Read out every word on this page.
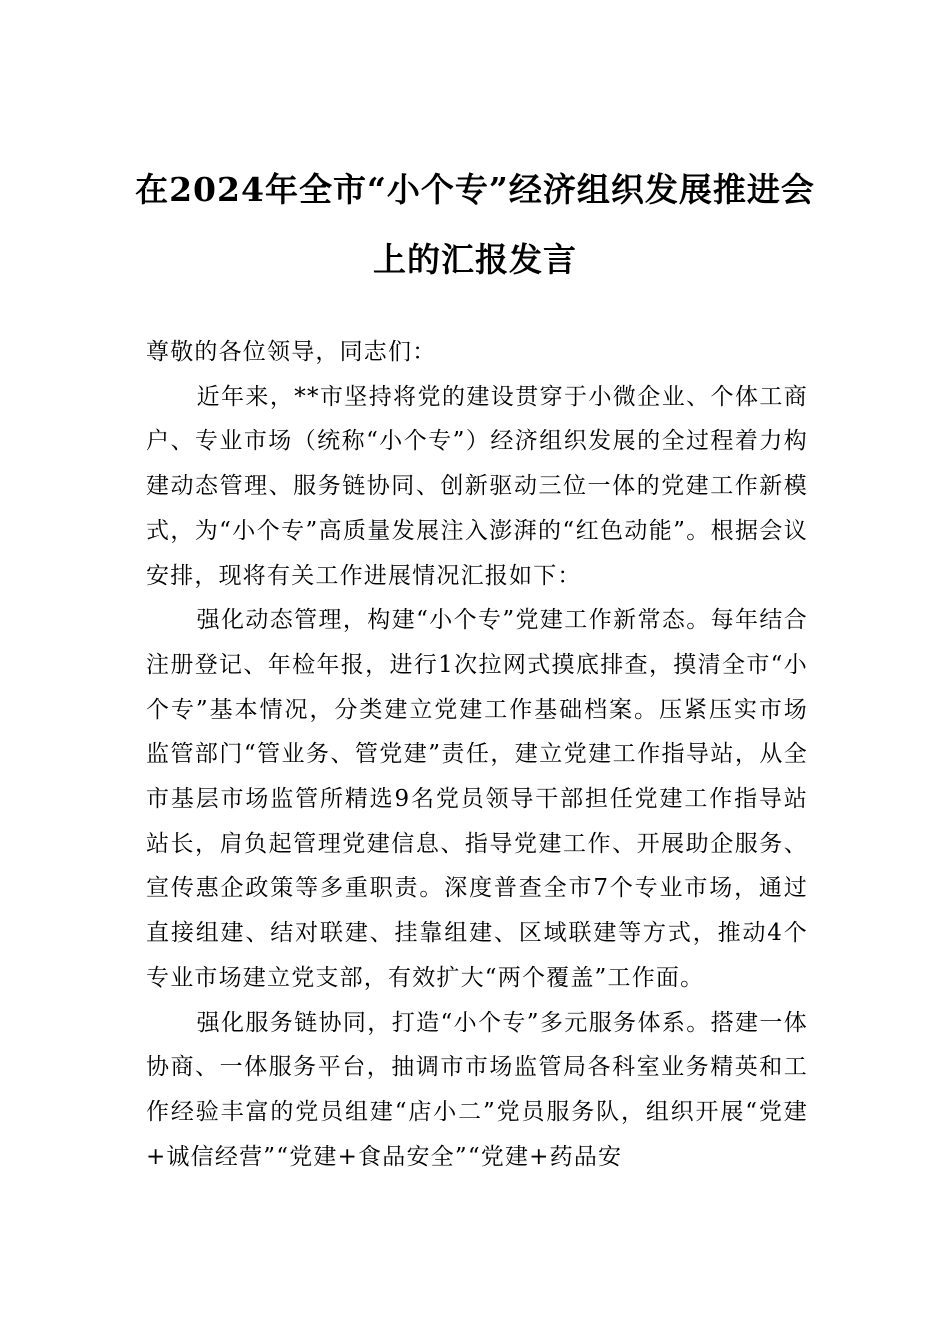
在2024年全市“小个专”经济组织发展推进会上的汇报发言

尊敬的各位领导，同志们：

近年来，**市坚持将党的建设贯穿于小微企业、个体工商户、专业市场（统称“小个专”）经济组织发展的全过程着力构建动态管理、服务链协同、创新驱动三位一体的党建工作新模式，为“小个专”高质量发展注入澎湃的“红色动能”。根据会议安排，现将有关工作进展情况汇报如下：

强化动态管理，构建“小个专”党建工作新常态。每年结合注册登记、年检年报，进行1次拉网式摸底排查，摸清全市“小个专”基本情况，分类建立党建工作基础档案。压紧压实市场监管部门“管业务、管党建”责任，建立党建工作指导站，从全市基层市场监管所精选9名党员领导干部担任党建工作指导站站长，肩负起管理党建信息、指导党建工作、开展助企服务、宣传惠企政策等多重职责。深度普查全市7个专业市场，通过直接组建、结对联建、挂靠组建、区域联建等方式，推动4个专业市场建立党支部，有效扩大“两个覆盖”工作面。

强化服务链协同，打造“小个专”多元服务体系。搭建一体协商、一体服务平台，抽调市市场监管局各科室业务精英和工作经验丰富的党员组建“店小二”党员服务队，组织开展“党建+诚信经营”“党建+食品安全”“党建+药品安
